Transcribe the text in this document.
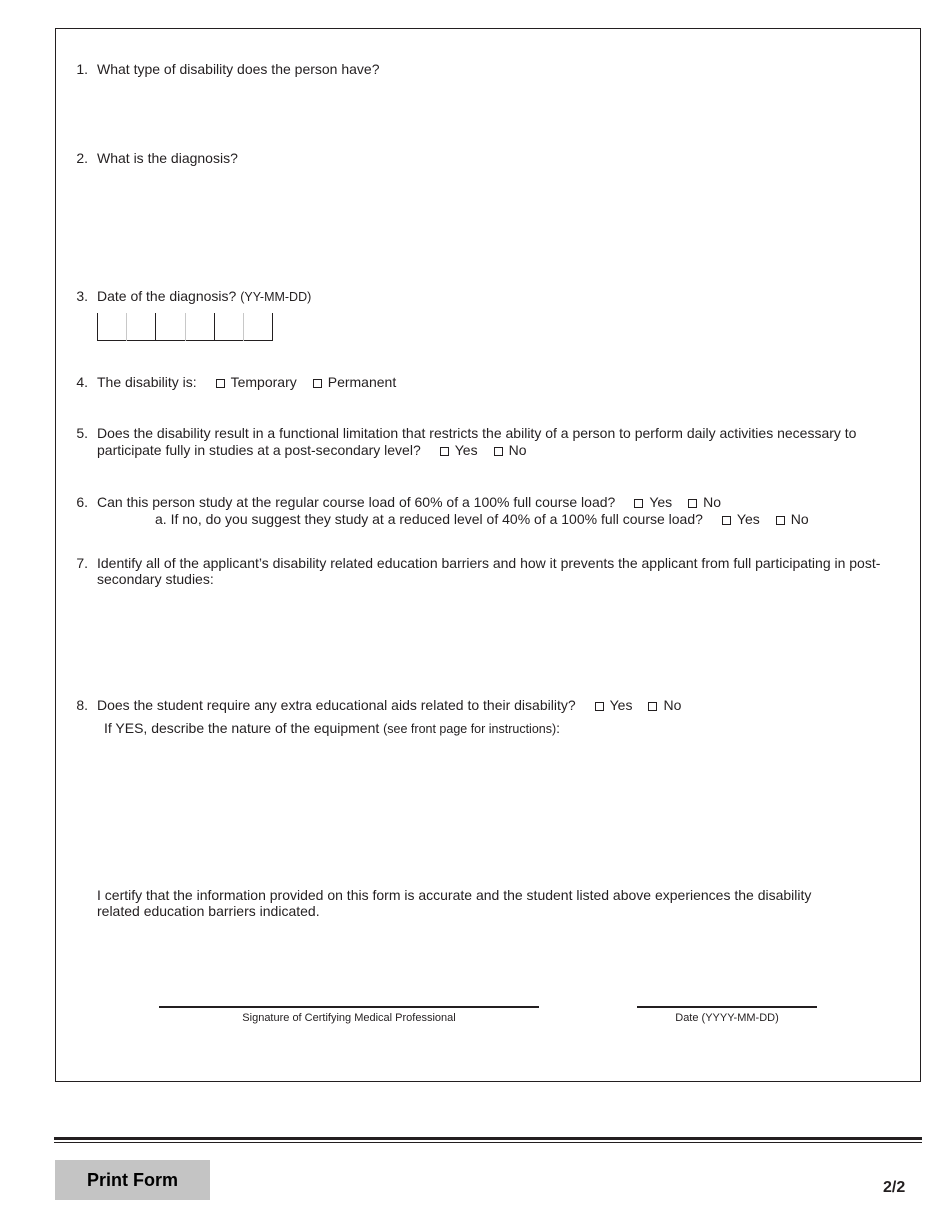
1. What type of disability does the person have?
2. What is the diagnosis?
3. Date of the diagnosis? (YY-MM-DD)
4. The disability is: Temporary Permanent
5. Does the disability result in a functional limitation that restricts the ability of a person to perform daily activities necessary to
participate fully in studies at a post-secondary level? Yes No
6. Can this person study at the regular course load of 60% of a 100% full course load? Yes No
a. If no, do you suggest they study at a reduced level of 40% of a 100% full course load? Yes No
7. Identify all of the applicant’s disability related education barriers and how it prevents the applicant from full participating in post-
secondary studies:
8. Does the student require any extra educational aids related to their disability? Yes No
If YES, describe the nature of the equipment (see front page for instructions):
I certify that the information provided on this form is accurate and the student listed above experiences the disability
related education barriers indicated.
Signature of Certifying Medical Professional	Date (YYYY-MM-DD)
Print Form	2/2
